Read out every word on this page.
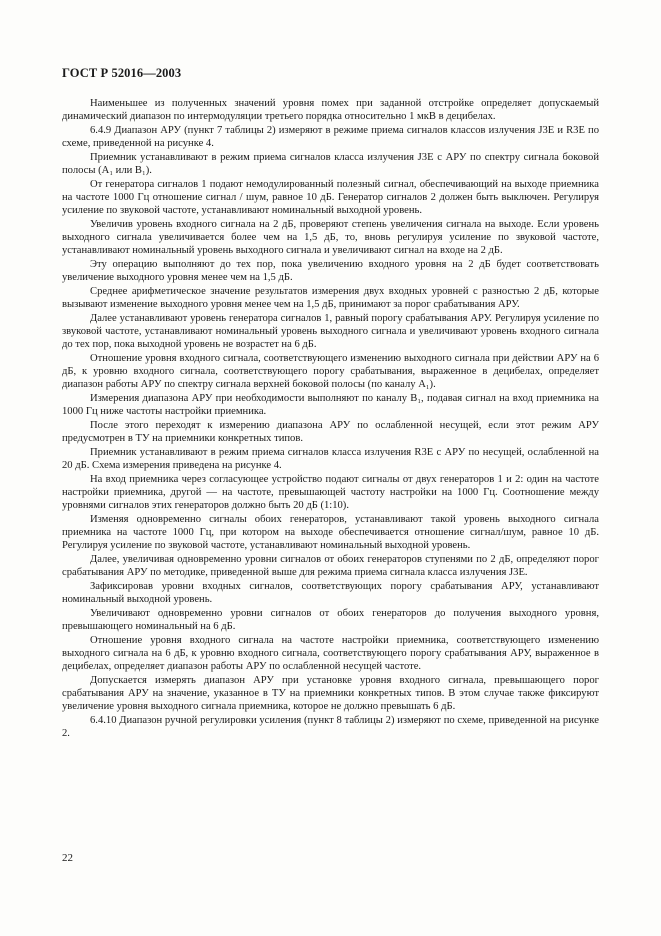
ГОСТ Р 52016—2003

Наименьшее из полученных значений уровня помех при заданной отстройке определяет допускаемый динамический диапазон по интермодуляции третьего порядка относительно 1 мкВ в децибелах.

6.4.9 Диапазон АРУ (пункт 7 таблицы 2) измеряют в режиме приема сигналов классов излучения J3E и R3E по схеме, приведенной на рисунке 4.

Приемник устанавливают в режим приема сигналов класса излучения J3E с АРУ по спектру сигнала боковой полосы (A₁ или B₁).

От генератора сигналов 1 подают немодулированный полезный сигнал, обеспечивающий на выходе приемника на частоте 1000 Гц отношение сигнал / шум, равное 10 дБ. Генератор сигналов 2 должен быть выключен. Регулируя усиление по звуковой частоте, устанавливают номинальный выходной уровень.

Увеличив уровень входного сигнала на 2 дБ, проверяют степень увеличения сигнала на выходе. Если уровень выходного сигнала увеличивается более чем на 1,5 дБ, то, вновь регулируя усиление по звуковой частоте, устанавливают номинальный уровень выходного сигнала и увеличивают сигнал на входе на 2 дБ.

Эту операцию выполняют до тех пор, пока увеличению входного уровня на 2 дБ будет соответствовать увеличение выходного уровня менее чем на 1,5 дБ.

Среднее арифметическое значение результатов измерения двух входных уровней с разностью 2 дБ, которые вызывают изменение выходного уровня менее чем на 1,5 дБ, принимают за порог срабатывания АРУ.

Далее устанавливают уровень генератора сигналов 1, равный порогу срабатывания АРУ. Регулируя усиление по звуковой частоте, устанавливают номинальный уровень выходного сигнала и увеличивают уровень входного сигнала до тех пор, пока выходной уровень не возрастет на 6 дБ.

Отношение уровня входного сигнала, соответствующего изменению выходного сигнала при действии АРУ на 6 дБ, к уровню входного сигнала, соответствующего порогу срабатывания, выраженное в децибелах, определяет диапазон работы АРУ по спектру сигнала верхней боковой полосы (по каналу A₁).

Измерения диапазона АРУ при необходимости выполняют по каналу B₁, подавая сигнал на вход приемника на 1000 Гц ниже частоты настройки приемника.

После этого переходят к измерению диапазона АРУ по ослабленной несущей, если этот режим АРУ предусмотрен в ТУ на приемники конкретных типов.

Приемник устанавливают в режим приема сигналов класса излучения R3E с АРУ по несущей, ослабленной на 20 дБ. Схема измерения приведена на рисунке 4.

На вход приемника через согласующее устройство подают сигналы от двух генераторов 1 и 2: один на частоте настройки приемника, другой — на частоте, превышающей частоту настройки на 1000 Гц. Соотношение между уровнями сигналов этих генераторов должно быть 20 дБ (1:10).

Изменяя одновременно сигналы обоих генераторов, устанавливают такой уровень выходного сигнала приемника на частоте 1000 Гц, при котором на выходе обеспечивается отношение сигнал/шум, равное 10 дБ. Регулируя усиление по звуковой частоте, устанавливают номинальный выходной уровень.

Далее, увеличивая одновременно уровни сигналов от обоих генераторов ступенями по 2 дБ, определяют порог срабатывания АРУ по методике, приведенной выше для режима приема сигнала класса излучения J3E.

Зафиксировав уровни входных сигналов, соответствующих порогу срабатывания АРУ, устанавливают номинальный выходной уровень.

Увеличивают одновременно уровни сигналов от обоих генераторов до получения выходного уровня, превышающего номинальный на 6 дБ.

Отношение уровня входного сигнала на частоте настройки приемника, соответствующего изменению выходного сигнала на 6 дБ, к уровню входного сигнала, соответствующего порогу срабатывания АРУ, выраженное в децибелах, определяет диапазон работы АРУ по ослабленной несущей частоте.

Допускается измерять диапазон АРУ при установке уровня входного сигнала, превышающего порог срабатывания АРУ на значение, указанное в ТУ на приемники конкретных типов. В этом случае также фиксируют увеличение уровня выходного сигнала приемника, которое не должно превышать 6 дБ.

6.4.10 Диапазон ручной регулировки усиления (пункт 8 таблицы 2) измеряют по схеме, приведенной на рисунке 2.

22
